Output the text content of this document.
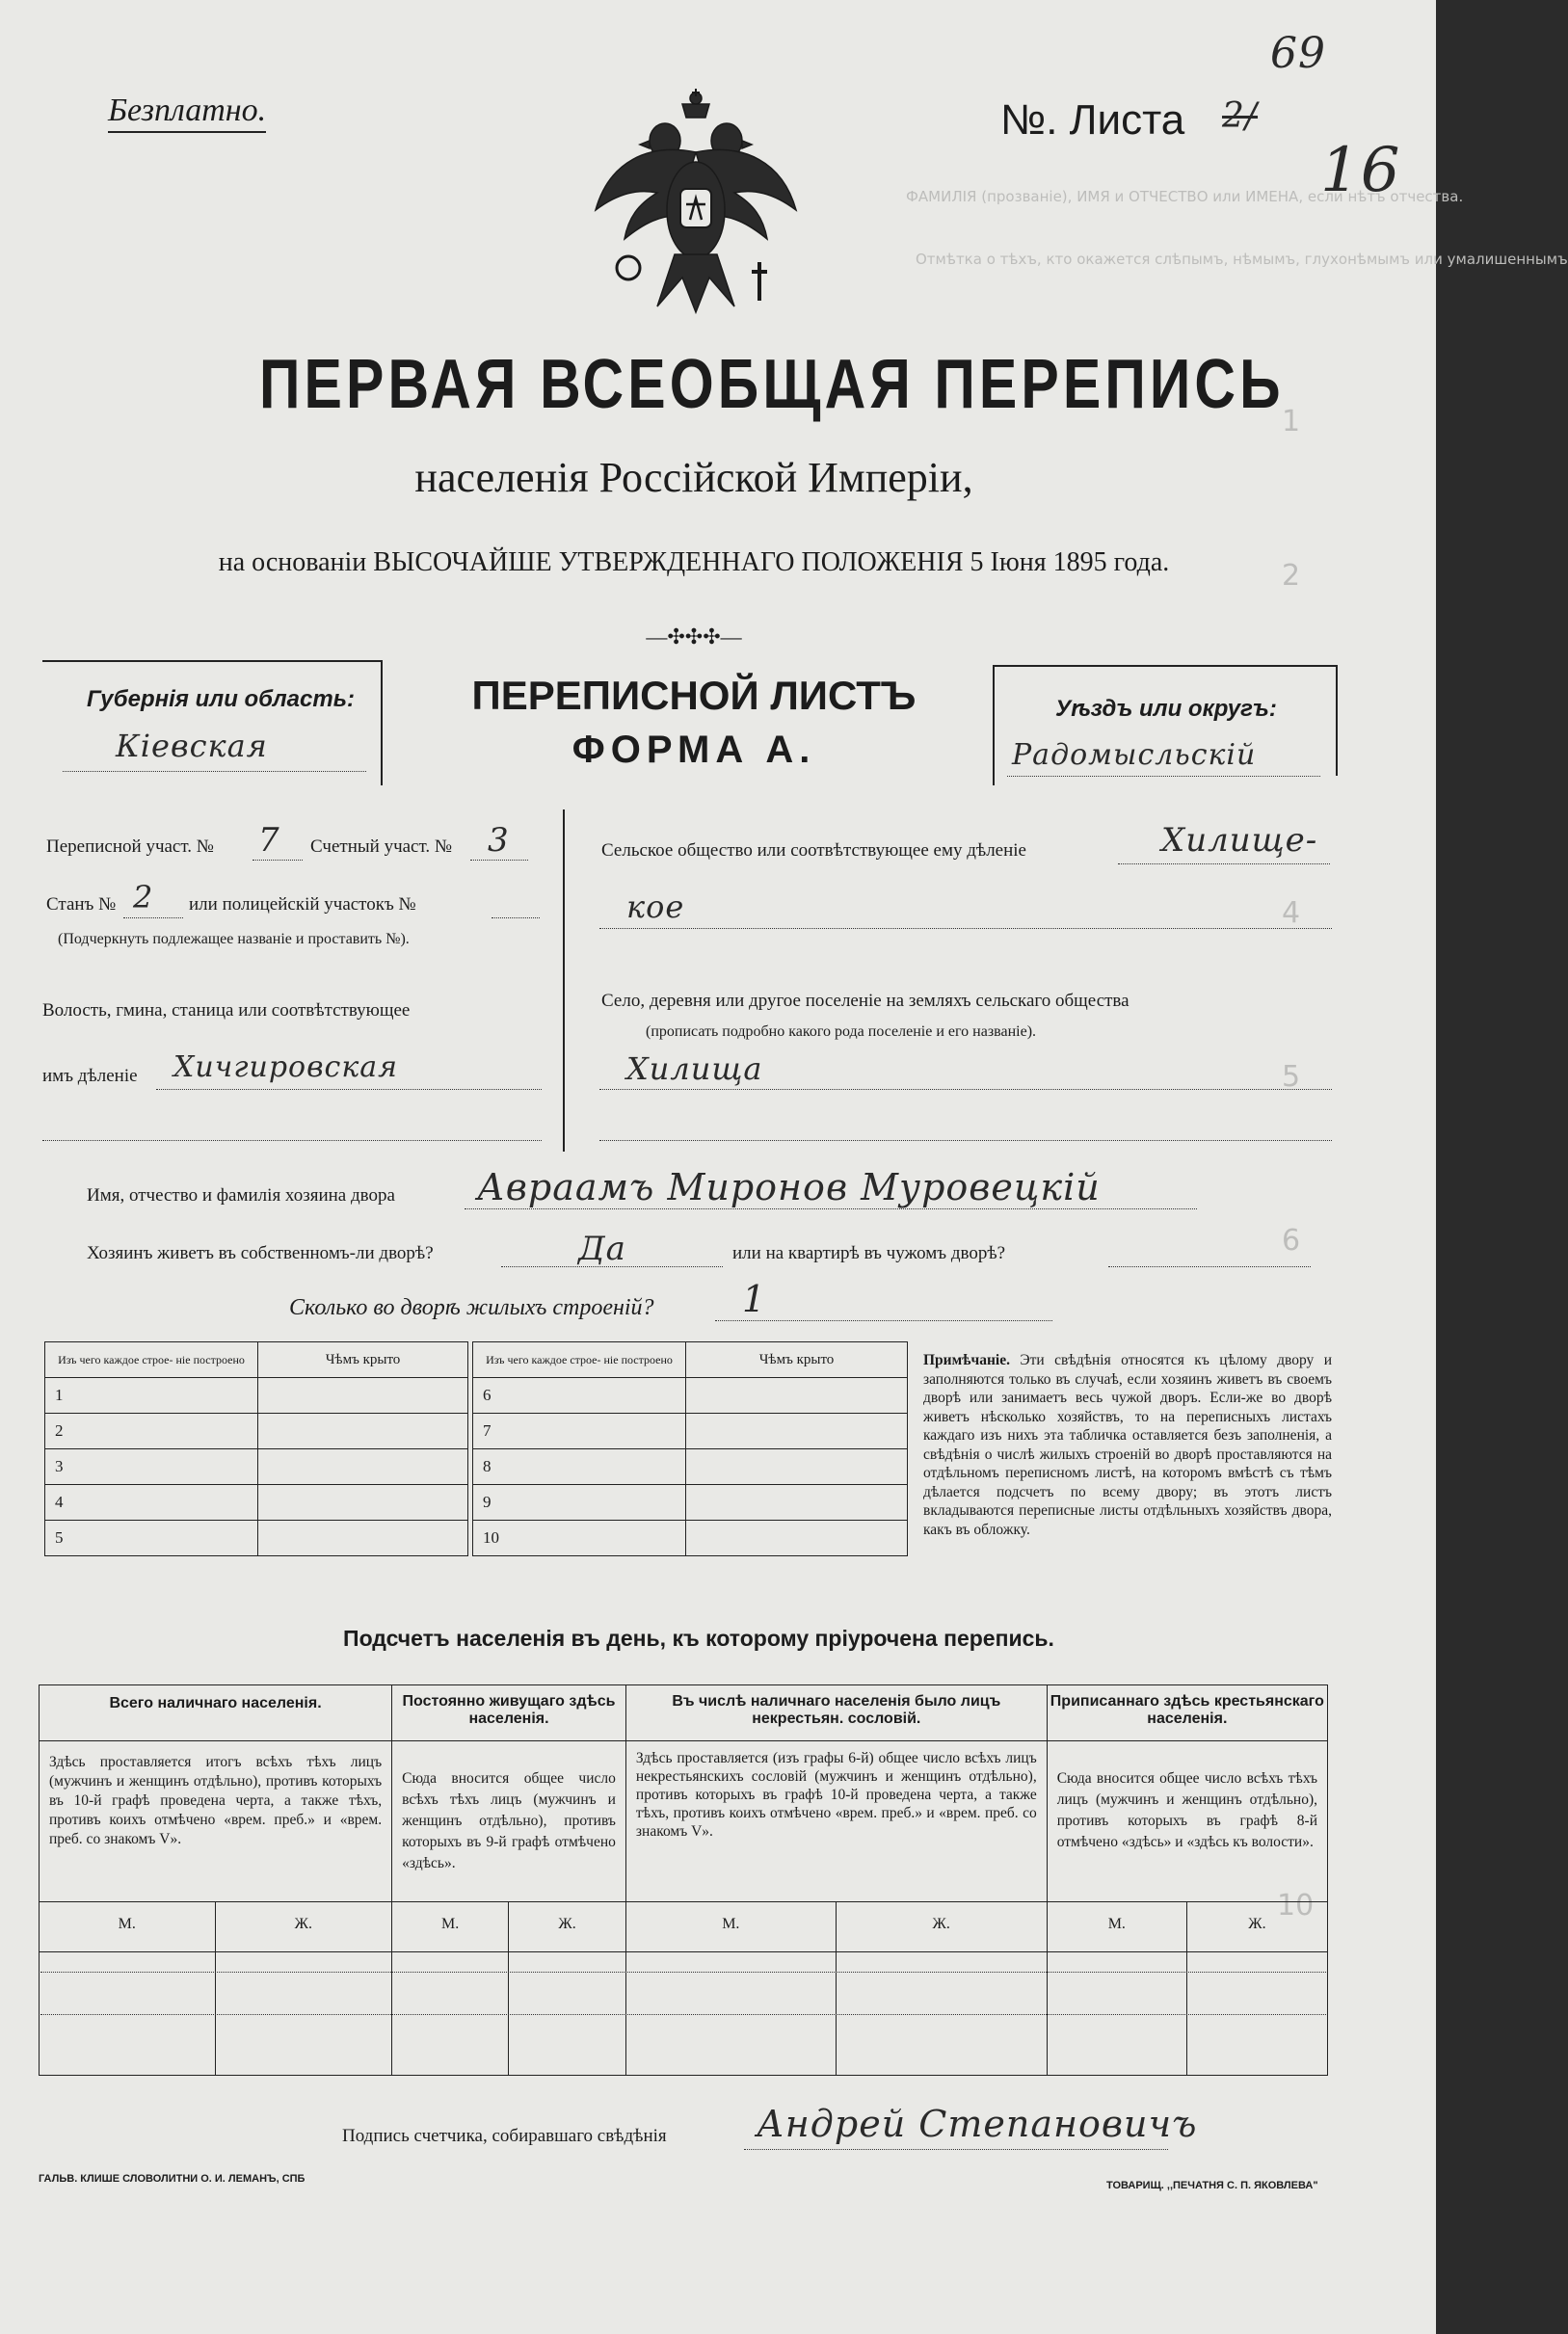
ФАМИЛІЯ (прозваніе), ИМЯ и ОТЧЕСТВО или ИМЕНА, если нѣтъ отчества.
Отмѣтка о тѣхъ, кто окажется слѣпымъ, нѣмымъ, глухонѣмымъ или умалишеннымъ
1
2
4
5
6
10
Безплатно.	№. Листа 2/
16
69
ПЕРВАЯ ВСЕОБЩАЯ ПЕРЕПИСЬ
населенія Россійской Имперіи,
на основаніи ВЫСОЧАЙШЕ УТВЕРЖДЕННАГО ПОЛОЖЕНІЯ 5 Іюня 1895 года.
—✣✣✣—
Губернія или область:
Кіевская
ПЕРЕПИСНОЙ ЛИСТЪ
ФОРМА А.
Уѣздъ или округъ:
Радомысльскій
Переписной участ. № 7 Счетный участ. № 3
Станъ № 2 или полицейскій участокъ №
(Подчеркнуть подлежащее названіе и проставить №).
Волость, гмина, станица или соотвѣтствующее
имъ дѣленіе Хичгировская
Сельское общество или соотвѣтствующее ему дѣленіе	Хилище-
кое
Село, деревня или другое поселеніе на земляхъ сельскаго общества
(прописать подробно какого рода поселеніе и его названіе).
Хилища
Имя, отчество и фамилія хозяина двора Авраамъ Миронов Муровецкій
Хозяинъ живетъ въ собственномъ-ли дворѣ?	Да	или на квартирѣ въ чужомъ дворѣ?
Сколько во дворѣ жилыхъ строеній? 1
Изъ чего каждое строе- ніе построено	Чѣмъ крыто
1	
2	
3	
4	
5	
Изъ чего каждое строе- ніе построено	Чѣмъ крыто
6	
7	
8	
9	
10	
Примѣчаніе. Эти свѣдѣнія относятся къ цѣлому двору и заполняются только въ случаѣ, если хозяинъ живетъ въ своемъ дворѣ или занимаетъ весь чужой дворъ. Если-же во дворѣ живетъ нѣсколько хозяйствъ, то на переписныхъ листахъ каждаго изъ нихъ эта табличка оставляется безъ заполненія, а свѣдѣнія о числѣ жилыхъ строеній во дворѣ проставляются на отдѣльномъ переписномъ листѣ, на которомъ вмѣстѣ съ тѣмъ дѣлается подсчетъ по всему двору; въ этотъ листъ вкладываются переписные листы отдѣльныхъ хозяйствъ двора, какъ въ обложку.
Подсчетъ населенія въ день, къ которому пріурочена перепись.
Всего наличнаго населенія.		Постоянно живущаго здѣсь населенія.		Въ числѣ наличнаго населенія было лицъ некрестьян. сословій.		Приписаннаго здѣсь крестьянскаго населенія.	
Здѣсь проставляется итогъ всѣхъ тѣхъ лицъ (мужчинъ и женщинъ отдѣльно), противъ которыхъ въ 10-й графѣ проведена черта, а также тѣхъ, противъ коихъ отмѣчено «врем. преб.» и «врем. преб. со знакомъ V».		Сюда вносится общее число всѣхъ тѣхъ лицъ (мужчинъ и женщинъ отдѣльно), противъ которыхъ въ 9-й графѣ отмѣчено «здѣсь».		Здѣсь проставляется (изъ графы 6-й) общее число всѣхъ лицъ некрестьянскихъ сословій (мужчинъ и женщинъ отдѣльно), противъ которыхъ въ графѣ 10-й проведена черта, а также тѣхъ, противъ коихъ отмѣчено «врем. преб.» и «врем. преб. со знакомъ V».		Сюда вносится общее число всѣхъ тѣхъ лицъ (мужчинъ и женщинъ отдѣльно), противъ которыхъ въ графѣ 8-й отмѣчено «здѣсь» и «здѣсь къ волости».	
М.	Ж.	М.	Ж.	М.	Ж.	М.	Ж.

Подпись счетчика, собиравшаго свѣдѣнія Андрей Степановичъ
ГАЛЬВ. КЛИШЕ СЛОВОЛИТНИ О. И. ЛЕМАНЪ, СПБ
ТОВАРИЩ. ,,ПЕЧАТНЯ С. П. ЯКОВЛЕВА"
